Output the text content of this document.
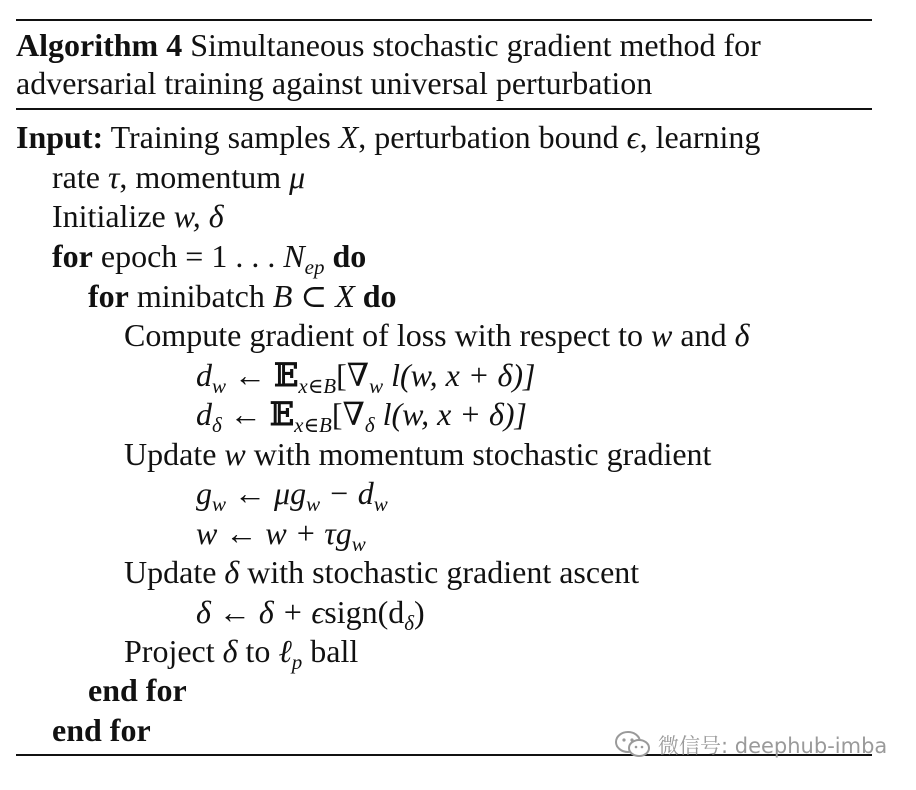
Algorithm 4 Simultaneous stochastic gradient method for
adversarial training against universal perturbation
Input: Training samples X, perturbation bound ϵ, learning
rate τ, momentum μ
Initialize w, δ
for epoch = 1 . . . $N_{ep}$ do
for minibatch B ⊂ X do
Compute gradient of loss with respect to w and δ
$d_w$ ← $𝔼_{x\in B}[\nabla_w$ l(w, x + δ)]
$d_\delta$ ← $𝔼_{x\in B}[\nabla_\delta$ l(w, x + δ)]
Update w with momentum stochastic gradient
$g_w$ ← $\mu g_w - d_w$
w ← $w + \tau g_w$
Update δ with stochastic gradient ascent
δ ← $\delta + \epsilon sign(d_\delta)$
Project δ to ℓ$_p$ ball
end for
end for	微信号: deephub-imba
